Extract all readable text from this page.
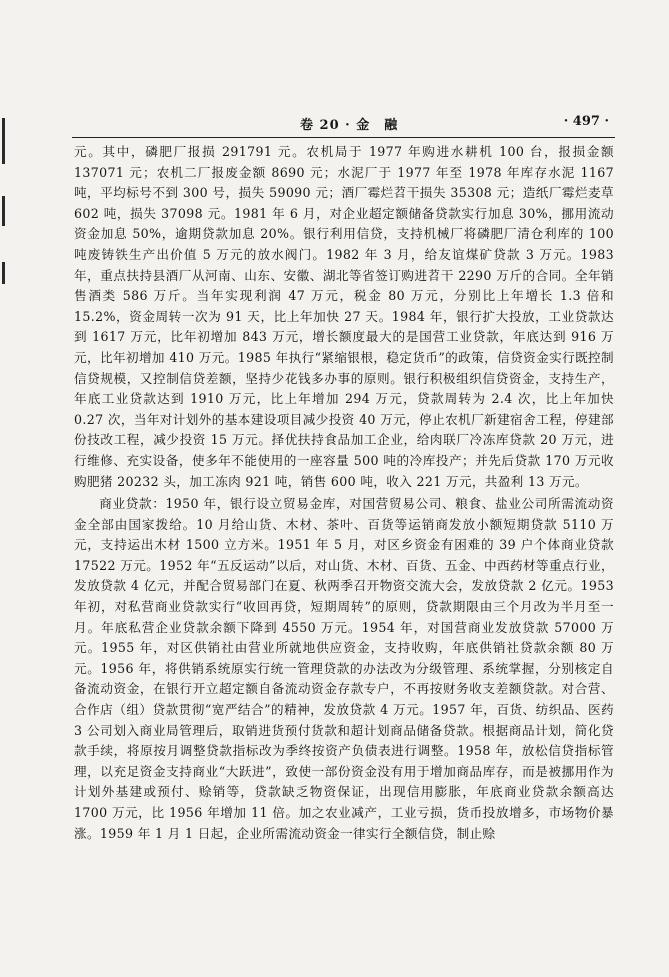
卷 20 · 金　融	· 497 ·

元。其中，磷肥厂报损 291791 元。农机局于 1977 年购进水耕机 100 台，报损金额 137071 元；农机二厂报废金额 8690 元；水泥厂于 1977 年至 1978 年库存水泥 1167 吨，平均标号不到 300 号，损失 59090 元；酒厂霉烂苕干损失 35308 元；造纸厂霉烂麦草 602 吨，损失 37098 元。1981 年 6 月，对企业超定额储备贷款实行加息 30%，挪用流动资金加息 50%，逾期贷款加息 20%。银行利用信贷，支持机械厂将磷肥厂清仓利库的 100 吨废铸铁生产出价值 5 万元的放水阀门。1982 年 3 月，给友谊煤矿贷款 3 万元。1983 年，重点扶持县酒厂从河南、山东、安徽、湖北等省签订购进苕干 2290 万斤的合同。全年销售酒类 586 万斤。当年实现利润 47 万元，税金 80 万元，分别比上年增长 1.3 倍和 15.2%，资金周转一次为 91 天，比上年加快 27 天。1984 年，银行扩大投放，工业贷款达到 1617 万元，比年初增加 843 万元，增长额度最大的是国营工业贷款，年底达到 916 万元，比年初增加 410 万元。1985 年执行“紧缩银根，稳定货币”的政策，信贷资金实行既控制信贷规模，又控制信贷差额，坚持少花钱多办事的原则。银行积极组织信贷资金，支持生产，年底工业贷款达到 1910 万元，比上年增加 294 万元，贷款周转为 2.4 次，比上年加快 0.27 次，当年对计划外的基本建设项目减少投资 40 万元，停止农机厂新建宿舍工程，停建部份技改工程，减少投资 15 万元。择优扶持食品加工企业，给肉联厂冷冻库贷款 20 万元，进行维修、充实设备，使多年不能使用的一座容量 500 吨的冷库投产；并先后贷款 170 万元收购肥猪 20232 头，加工冻肉 921 吨，销售 600 吨，收入 221 万元，共盈利 13 万元。

商业贷款：1950 年，银行设立贸易金库，对国营贸易公司、粮食、盐业公司所需流动资金全部由国家拨给。10 月给山货、木材、茶叶、百货等运销商发放小额短期贷款 5110 万元，支持运出木材 1500 立方米。1951 年 5 月，对区乡资金有困难的 39 户个体商业贷款 17522 万元。1952 年“五反运动”以后，对山货、木材、百货、五金、中西药材等重点行业，发放贷款 4 亿元，并配合贸易部门在夏、秋两季召开物资交流大会，发放贷款 2 亿元。1953 年初，对私营商业贷款实行“收回再贷，短期周转”的原则，贷款期限由三个月改为半月至一月。年底私营企业贷款余额下降到 4550 万元。1954 年，对国营商业发放贷款 57000 万元。1955 年，对区供销社由营业所就地供应资金，支持收购，年底供销社贷款余额 80 万元。1956 年，将供销系统原实行统一管理贷款的办法改为分级管理、系统掌握，分别核定自备流动资金，在银行开立超定额自备流动资金存款专户，不再按财务收支差额贷款。对合营、合作店（组）贷款贯彻“宽严结合”的精神，发放贷款 4 万元。1957 年，百货、纺织品、医药 3 公司划入商业局管理后，取销进货预付货款和超计划商品储备贷款。根据商品计划，简化贷款手续，将原按月调整贷款指标改为季终按资产负债表进行调整。1958 年，放松信贷指标管理，以充足资金支持商业“大跃进”，致使一部份资金没有用于增加商品库存，而是被挪用作为计划外基建或预付、赊销等，贷款缺乏物资保证，出现信用膨胀，年底商业贷款余额高达 1700 万元，比 1956 年增加 11 倍。加之农业减产，工业亏损，货币投放增多，市场物价暴涨。1959 年 1 月 1 日起，企业所需流动资金一律实行全额信贷，制止赊
